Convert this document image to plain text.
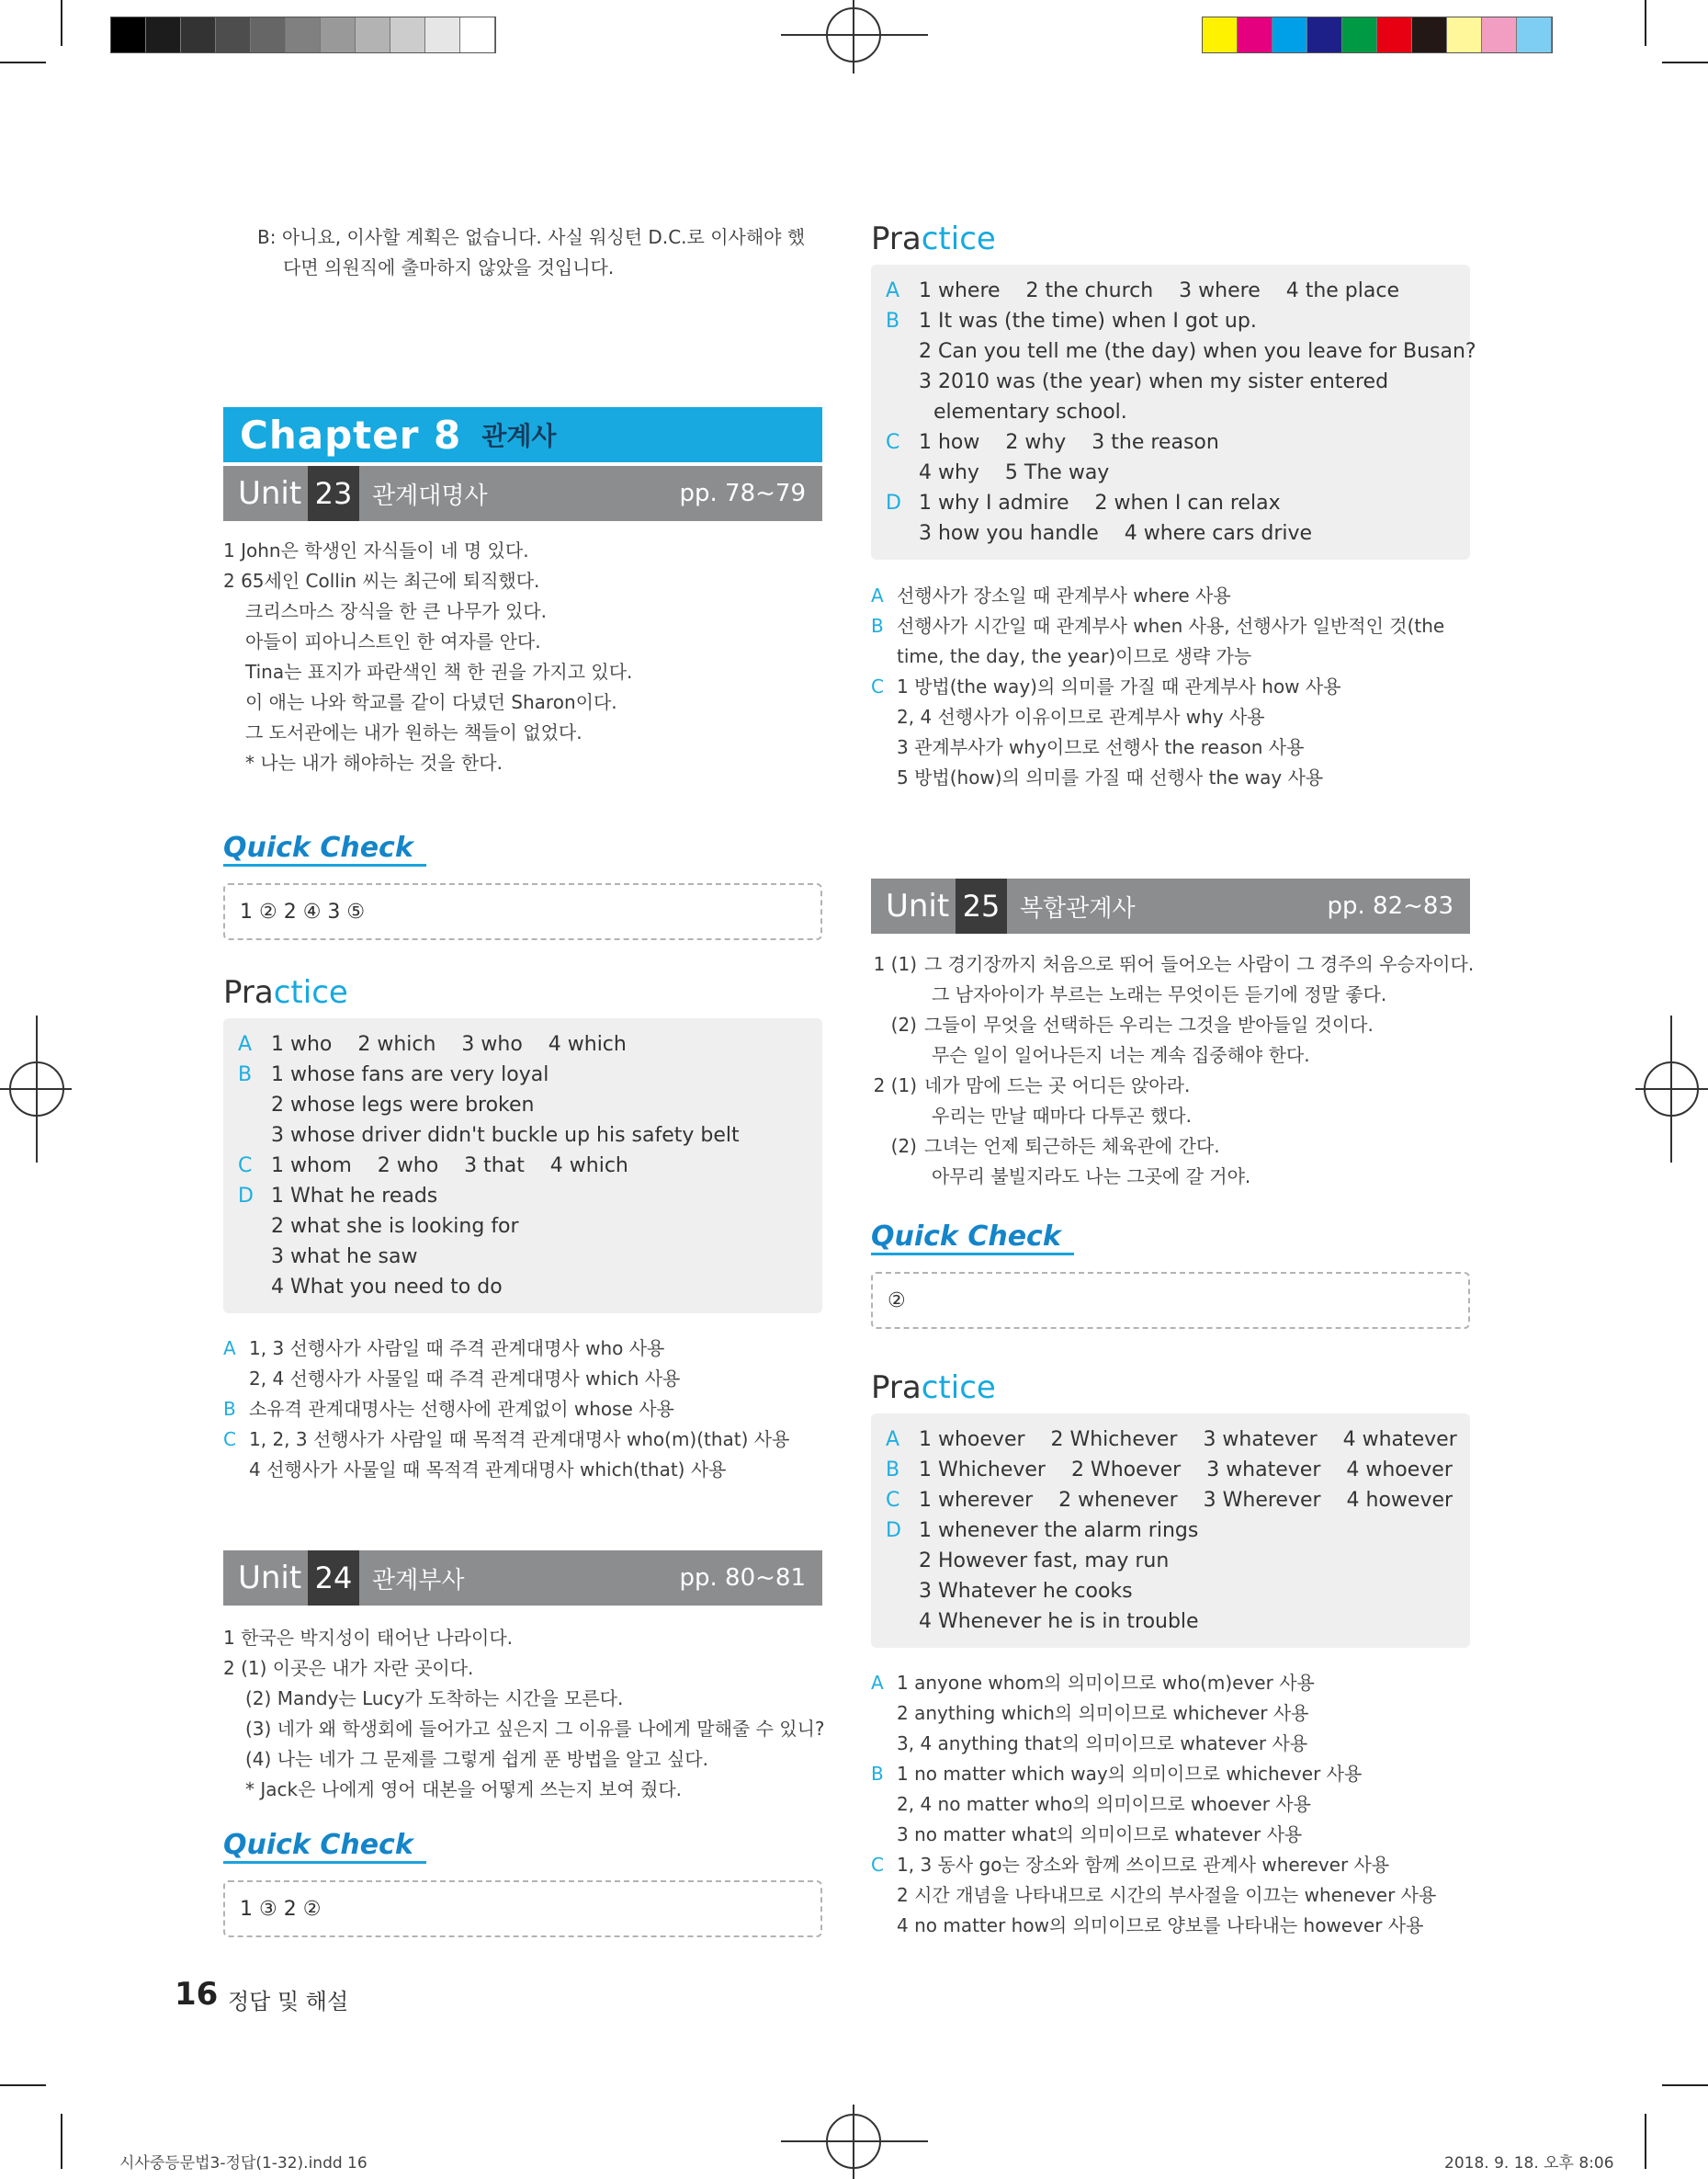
B: 아니요, 이사할 계획은 없습니다. 사실 워싱턴 D.C.로 이사해야 했
다면 의원직에 출마하지 않았을 것입니다.
Chapter 8 관계사
Unit 23 관계대명사	pp. 78~79
1 John은 학생인 자식들이 네 명 있다.
2 65세인 Collin 씨는 최근에 퇴직했다.
크리스마스 장식을 한 큰 나무가 있다.
아들이 피아니스트인 한 여자를 안다.
Tina는 표지가 파란색인 책 한 권을 가지고 있다.
이 애는 나와 학교를 같이 다녔던 Sharon이다.
그 도서관에는 내가 원하는 책들이 없었다.
* 나는 내가 해야하는 것을 한다.
Quick Check
1 ② 2 ④ 3 ⑤
Practice
A 1 who    2 which    3 who    4 which
B 1 whose fans are very loyal
2 whose legs were broken
3 whose driver didn't buckle up his safety belt
C 1 whom    2 who    3 that    4 which
D 1 What he reads
2 what she is looking for
3 what he saw
4 What you need to do
A 1, 3 선행사가 사람일 때 주격 관계대명사 who 사용
2, 4 선행사가 사물일 때 주격 관계대명사 which 사용
B 소유격 관계대명사는 선행사에 관계없이 whose 사용
C 1, 2, 3 선행사가 사람일 때 목적격 관계대명사 who(m)(that) 사용
4 선행사가 사물일 때 목적격 관계대명사 which(that) 사용
Unit 24 관계부사	pp. 80~81
1 한국은 박지성이 태어난 나라이다.
2 (1) 이곳은 내가 자란 곳이다.
(2) Mandy는 Lucy가 도착하는 시간을 모른다.
(3) 네가 왜 학생회에 들어가고 싶은지 그 이유를 나에게 말해줄 수 있니?
(4) 나는 네가 그 문제를 그렇게 쉽게 푼 방법을 알고 싶다.
* Jack은 나에게 영어 대본을 어떻게 쓰는지 보여 줬다.
Quick Check
1 ③ 2 ②
Practice
A 1 where    2 the church    3 where    4 the place
B 1 It was (the time) when I got up.
2 Can you tell me (the day) when you leave for Busan?
3 2010 was (the year) when my sister entered
elementary school.
C 1 how    2 why    3 the reason
4 why    5 The way
D 1 why I admire    2 when I can relax
3 how you handle    4 where cars drive
A 선행사가 장소일 때 관계부사 where 사용
B 선행사가 시간일 때 관계부사 when 사용, 선행사가 일반적인 것(the
time, the day, the year)이므로 생략 가능
C 1 방법(the way)의 의미를 가질 때 관계부사 how 사용
2, 4 선행사가 이유이므로 관계부사 why 사용
3 관계부사가 why이므로 선행사 the reason 사용
5 방법(how)의 의미를 가질 때 선행사 the way 사용
Unit 25 복합관계사	pp. 82~83
1 (1) 그 경기장까지 처음으로 뛰어 들어오는 사람이 그 경주의 우승자이다.
그 남자아이가 부르는 노래는 무엇이든 듣기에 정말 좋다.
(2) 그들이 무엇을 선택하든 우리는 그것을 받아들일 것이다.
무슨 일이 일어나든지 너는 계속 집중해야 한다.
2 (1) 네가 맘에 드는 곳 어디든 앉아라.
우리는 만날 때마다 다투곤 했다.
(2) 그녀는 언제 퇴근하든 체육관에 간다.
아무리 불빌지라도 나는 그곳에 갈 거야.
Quick Check
②
Practice
A 1 whoever    2 Whichever    3 whatever    4 whatever
B 1 Whichever    2 Whoever    3 whatever    4 whoever
C 1 wherever    2 whenever    3 Wherever    4 however
D 1 whenever the alarm rings
2 However fast, may run
3 Whatever he cooks
4 Whenever he is in trouble
A 1 anyone whom의 의미이므로 who(m)ever 사용
2 anything which의 의미이므로 whichever 사용
3, 4 anything that의 의미이므로 whatever 사용
B 1 no matter which way의 의미이므로 whichever 사용
2, 4 no matter who의 의미이므로 whoever 사용
3 no matter what의 의미이므로 whatever 사용
C 1, 3 동사 go는 장소와 함께 쓰이므로 관계사 wherever 사용
2 시간 개념을 나타내므로 시간의 부사절을 이끄는 whenever 사용
4 no matter how의 의미이므로 양보를 나타내는 however 사용
16 정답 및 해설
시사중등문법3-정답(1-32).indd 16	2018. 9. 18. 오후 8:06
